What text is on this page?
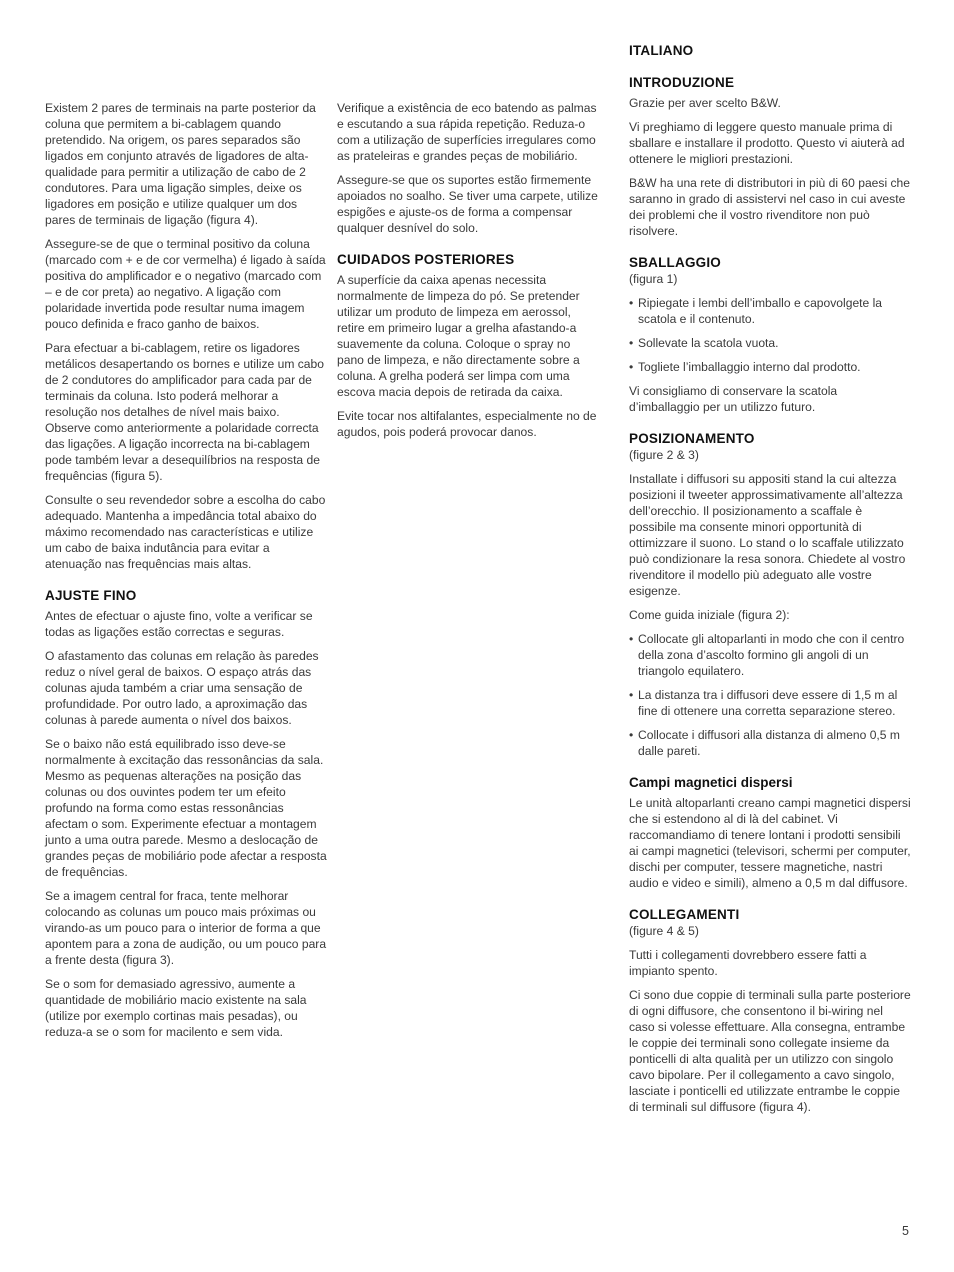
Existem 2 pares de terminais na parte posterior da coluna que permitem a bi-cablagem quando pretendido. Na origem, os pares separados são ligados em conjunto através de ligadores de alta-qualidade para permitir a utilização de cabo de 2 condutores. Para uma ligação simples, deixe os ligadores em posição e utilize qualquer um dos pares de terminais de ligação (figura 4).

Assegure-se de que o terminal positivo da coluna (marcado com + e de cor vermelha) é ligado à saída positiva do amplificador e o negativo (marcado com – e de cor preta) ao negativo. A ligação com polaridade invertida pode resultar numa imagem pouco definida e fraco ganho de baixos.

Para efectuar a bi-cablagem, retire os ligadores metálicos desapertando os bornes e utilize um cabo de 2 condutores do amplificador para cada par de terminais da coluna. Isto poderá melhorar a resolução nos detalhes de nível mais baixo. Observe como anteriormente a polaridade correcta das ligações. A ligação incorrecta na bi-cablagem pode também levar a desequilíbrios na resposta de frequências (figura 5).

Consulte o seu revendedor sobre a escolha do cabo adequado. Mantenha a impedância total abaixo do máximo recomendado nas características e utilize um cabo de baixa indutância para evitar a atenuação nas frequências mais altas.

AJUSTE FINO

Antes de efectuar o ajuste fino, volte a verificar se todas as ligações estão correctas e seguras.

O afastamento das colunas em relação às paredes reduz o nível geral de baixos. O espaço atrás das colunas ajuda também a criar uma sensação de profundidade. Por outro lado, a aproximação das colunas à parede aumenta o nível dos baixos.

Se o baixo não está equilibrado isso deve-se normalmente à excitação das ressonâncias da sala. Mesmo as pequenas alterações na posição das colunas ou dos ouvintes podem ter um efeito profundo na forma como estas ressonâncias afectam o som. Experimente efectuar a montagem junto a uma outra parede. Mesmo a deslocação de grandes peças de mobiliário pode afectar a resposta de frequências.

Se a imagem central for fraca, tente melhorar colocando as colunas um pouco mais próximas ou virando-as um pouco para o interior de forma a que apontem para a zona de audição, ou um pouco para a frente desta (figura 3).

Se o som for demasiado agressivo, aumente a quantidade de mobiliário macio existente na sala (utilize por exemplo cortinas mais pesadas), ou reduza-a se o som for macilento e sem vida.

Verifique a existência de eco batendo as palmas e escutando a sua rápida repetição. Reduza-o com a utilização de superfícies irregulares como as prateleiras e grandes peças de mobiliário.

Assegure-se que os suportes estão firmemente apoiados no soalho. Se tiver uma carpete, utilize espigões e ajuste-os de forma a compensar qualquer desnível do solo.

CUIDADOS POSTERIORES

A superfície da caixa apenas necessita normalmente de limpeza do pó. Se pretender utilizar um produto de limpeza em aerossol, retire em primeiro lugar a grelha afastando-a suavemente da coluna. Coloque o spray no pano de limpeza, e não directamente sobre a coluna. A grelha poderá ser limpa com uma escova macia depois de retirada da caixa.

Evite tocar nos altifalantes, especialmente no de agudos, pois poderá provocar danos.

ITALIANO
INTRODUZIONE

Grazie per aver scelto B&W.

Vi preghiamo di leggere questo manuale prima di sballare e installare il prodotto. Questo vi aiuterà ad ottenere le migliori prestazioni.

B&W ha una rete di distributori in più di 60 paesi che saranno in grado di assistervi nel caso in cui aveste dei problemi che il vostro rivenditore non può risolvere.

SBALLAGGIO

(figura 1)

• Ripiegate i lembi dell’imballo e capovolgete la scatola e il contenuto.
• Sollevate la scatola vuota.
• Togliete l’imballaggio interno dal prodotto.

Vi consigliamo di conservare la scatola d’imballaggio per un utilizzo futuro.

POSIZIONAMENTO

(figure 2 & 3)

Installate i diffusori su appositi stand la cui altezza posizioni il tweeter approssimativamente all’altezza dell’orecchio. Il posizionamento a scaffale è possibile ma consente minori opportunità di ottimizzare il suono. Lo stand o lo scaffale utilizzato può condizionare la resa sonora. Chiedete al vostro rivenditore il modello più adeguato alle vostre esigenze.

Come guida iniziale (figura 2):

• Collocate gli altoparlanti in modo che con il centro della zona d’ascolto formino gli angoli di un triangolo equilatero.
• La distanza tra i diffusori deve essere di 1,5 m al fine di ottenere una corretta separazione stereo.
• Collocate i diffusori alla distanza di almeno 0,5 m dalle pareti.
Campi magnetici dispersi

Le unità altoparlanti creano campi magnetici dispersi che si estendono al di là del cabinet. Vi raccomandiamo di tenere lontani i prodotti sensibili ai campi magnetici (televisori, schermi per computer, dischi per computer, tessere magnetiche, nastri audio e video e simili), almeno a 0,5 m dal diffusore.

COLLEGAMENTI

(figure 4 & 5)

Tutti i collegamenti dovrebbero essere fatti a impianto spento.

Ci sono due coppie di terminali sulla parte posteriore di ogni diffusore, che consentono il bi-wiring nel caso si volesse effettuare. Alla consegna, entrambe le coppie dei terminali sono collegate insieme da ponticelli di alta qualità per un utilizzo con singolo cavo bipolare. Per il collegamento a cavo singolo, lasciate i ponticelli ed utilizzate entrambe le coppie di terminali sul diffusore (figura 4).

5
